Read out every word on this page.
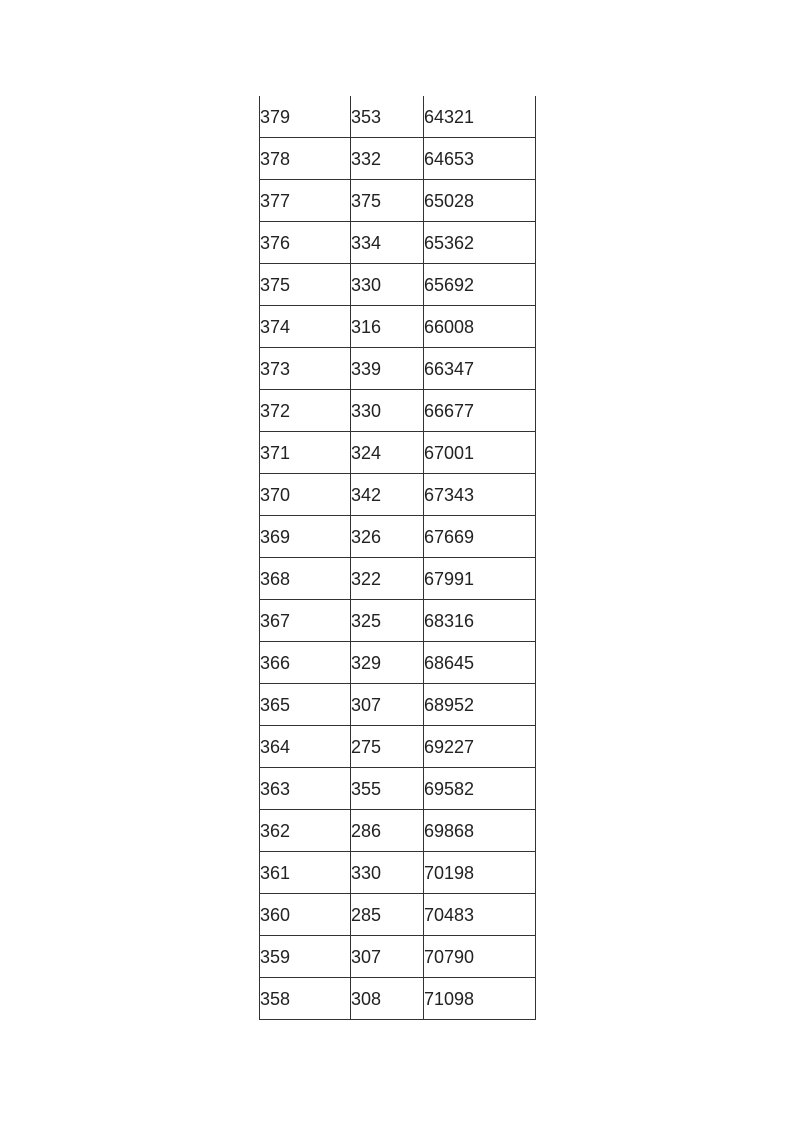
379	353	64321
378	332	64653
377	375	65028
376	334	65362
375	330	65692
374	316	66008
373	339	66347
372	330	66677
371	324	67001
370	342	67343
369	326	67669
368	322	67991
367	325	68316
366	329	68645
365	307	68952
364	275	69227
363	355	69582
362	286	69868
361	330	70198
360	285	70483
359	307	70790
358	308	71098
